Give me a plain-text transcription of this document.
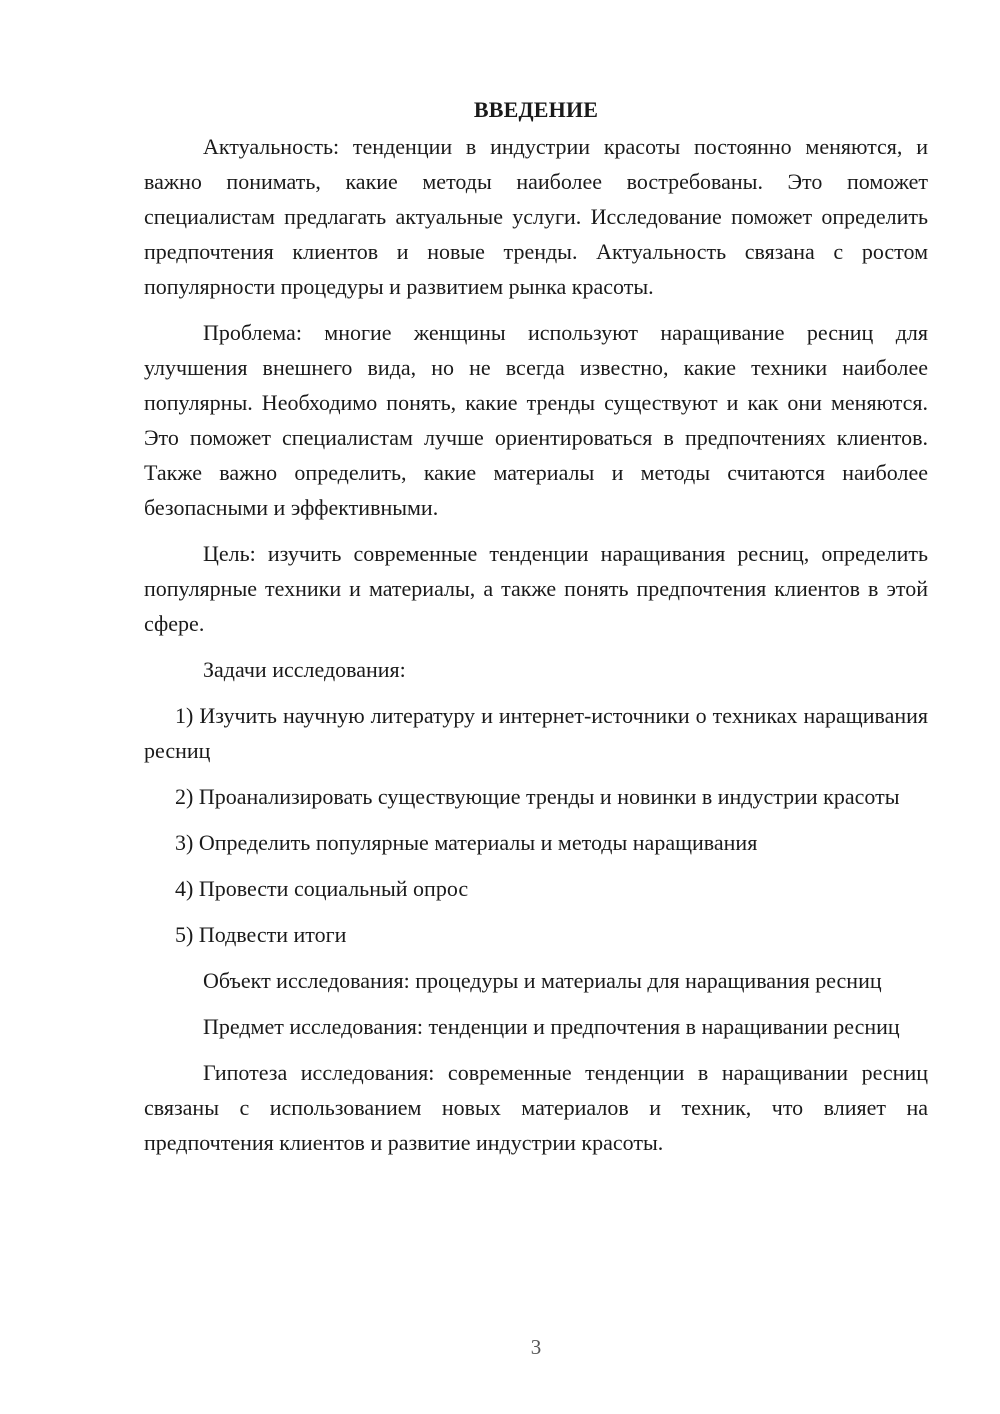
ВВЕДЕНИЕ

Актуальность: тенденции в индустрии красоты постоянно меняются, и важно понимать, какие методы наиболее востребованы. Это поможет специалистам предлагать актуальные услуги. Исследование поможет определить предпочтения клиентов и новые тренды. Актуальность связана с ростом популярности процедуры и развитием рынка красоты.

Проблема: многие женщины используют наращивание ресниц для улучшения внешнего вида, но не всегда известно, какие техники наиболее популярны. Необходимо понять, какие тренды существуют и как они меняются. Это поможет специалистам лучше ориентироваться в предпочтениях клиентов. Также важно определить, какие материалы и методы считаются наиболее безопасными и эффективными.

Цель: изучить современные тенденции наращивания ресниц, определить популярные техники и материалы, а также понять предпочтения клиентов в этой сфере.

Задачи исследования:

1) Изучить научную литературу и интернет-источники о техниках наращивания ресниц

2) Проанализировать существующие тренды и новинки в индустрии красоты

3) Определить популярные материалы и методы наращивания

4) Провести социальный опрос

5) Подвести итоги

Объект исследования: процедуры и материалы для наращивания ресниц

Предмет исследования: тенденции и предпочтения в наращивании ресниц

Гипотеза исследования: современные тенденции в наращивании ресниц связаны с использованием новых материалов и техник, что влияет на предпочтения клиентов и развитие индустрии красоты.

3
